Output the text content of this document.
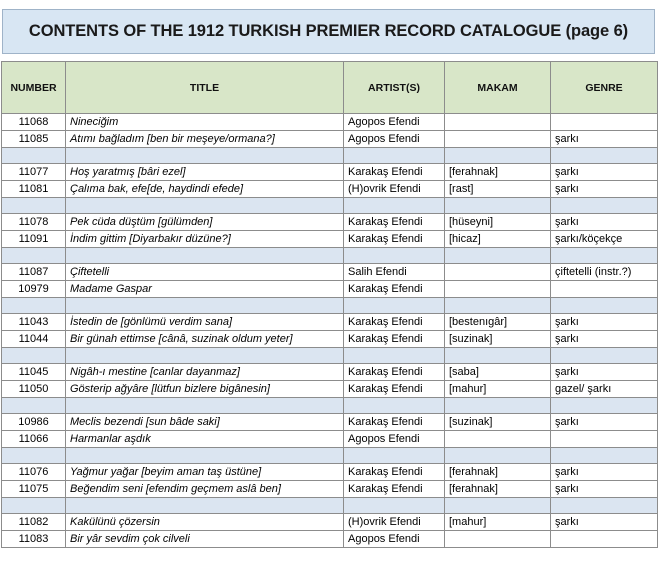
CONTENTS OF THE 1912 TURKISH PREMIER RECORD CATALOGUE (page 6)
NUMBER	TITLE	ARTIST(S)	MAKAM	GENRE
11068	Nineciğim	Agopos Efendi		
11085	Atımı bağladım [ben bir meşeye/ormana?]	Agopos Efendi		şarkı

11077	Hoş yaratmış [bâri ezel]	Karakaş Efendi	[ferahnak]	şarkı
11081	Çalıma bak, efe[de, haydindi efede]	(H)ovrik Efendi	[rast]	şarkı

11078	Pek cüda düştüm [gülümden]	Karakaş Efendi	[hüseyni]	şarkı
11091	İndim gittim [Diyarbakır düzüne?]	Karakaş Efendi	[hicaz]	şarkı/köçekçe

11087	Çiftetelli	Salih Efendi		çiftetelli (instr.?)
10979	Madame Gaspar	Karakaş Efendi		

11043	İstedin de [gönlümü verdim sana]	Karakaş Efendi	[bestenıgâr]	şarkı
11044	Bir günah ettimse [cânâ, suzinak oldum yeter]	Karakaş Efendi	[suzinak]	şarkı

11045	Nigâh-ı mestine [canlar dayanmaz]	Karakaş Efendi	[saba]	şarkı
11050	Gösterip ağyâre [lütfun bizlere bigânesin]	Karakaş Efendi	[mahur]	gazel/ şarkı

10986	Meclis bezendi [sun bâde saki]	Karakaş Efendi	[suzinak]	şarkı
11066	Harmanlar aşdık	Agopos Efendi		

11076	Yağmur yağar [beyim aman taş üstüne]	Karakaş Efendi	[ferahnak]	şarkı
11075	Beğendim seni [efendim geçmem aslâ ben]	Karakaş Efendi	[ferahnak]	şarkı

11082	Kakülünü çözersin	(H)ovrik Efendi	[mahur]	şarkı
11083	Bir yâr sevdim çok cilveli	Agopos Efendi		
